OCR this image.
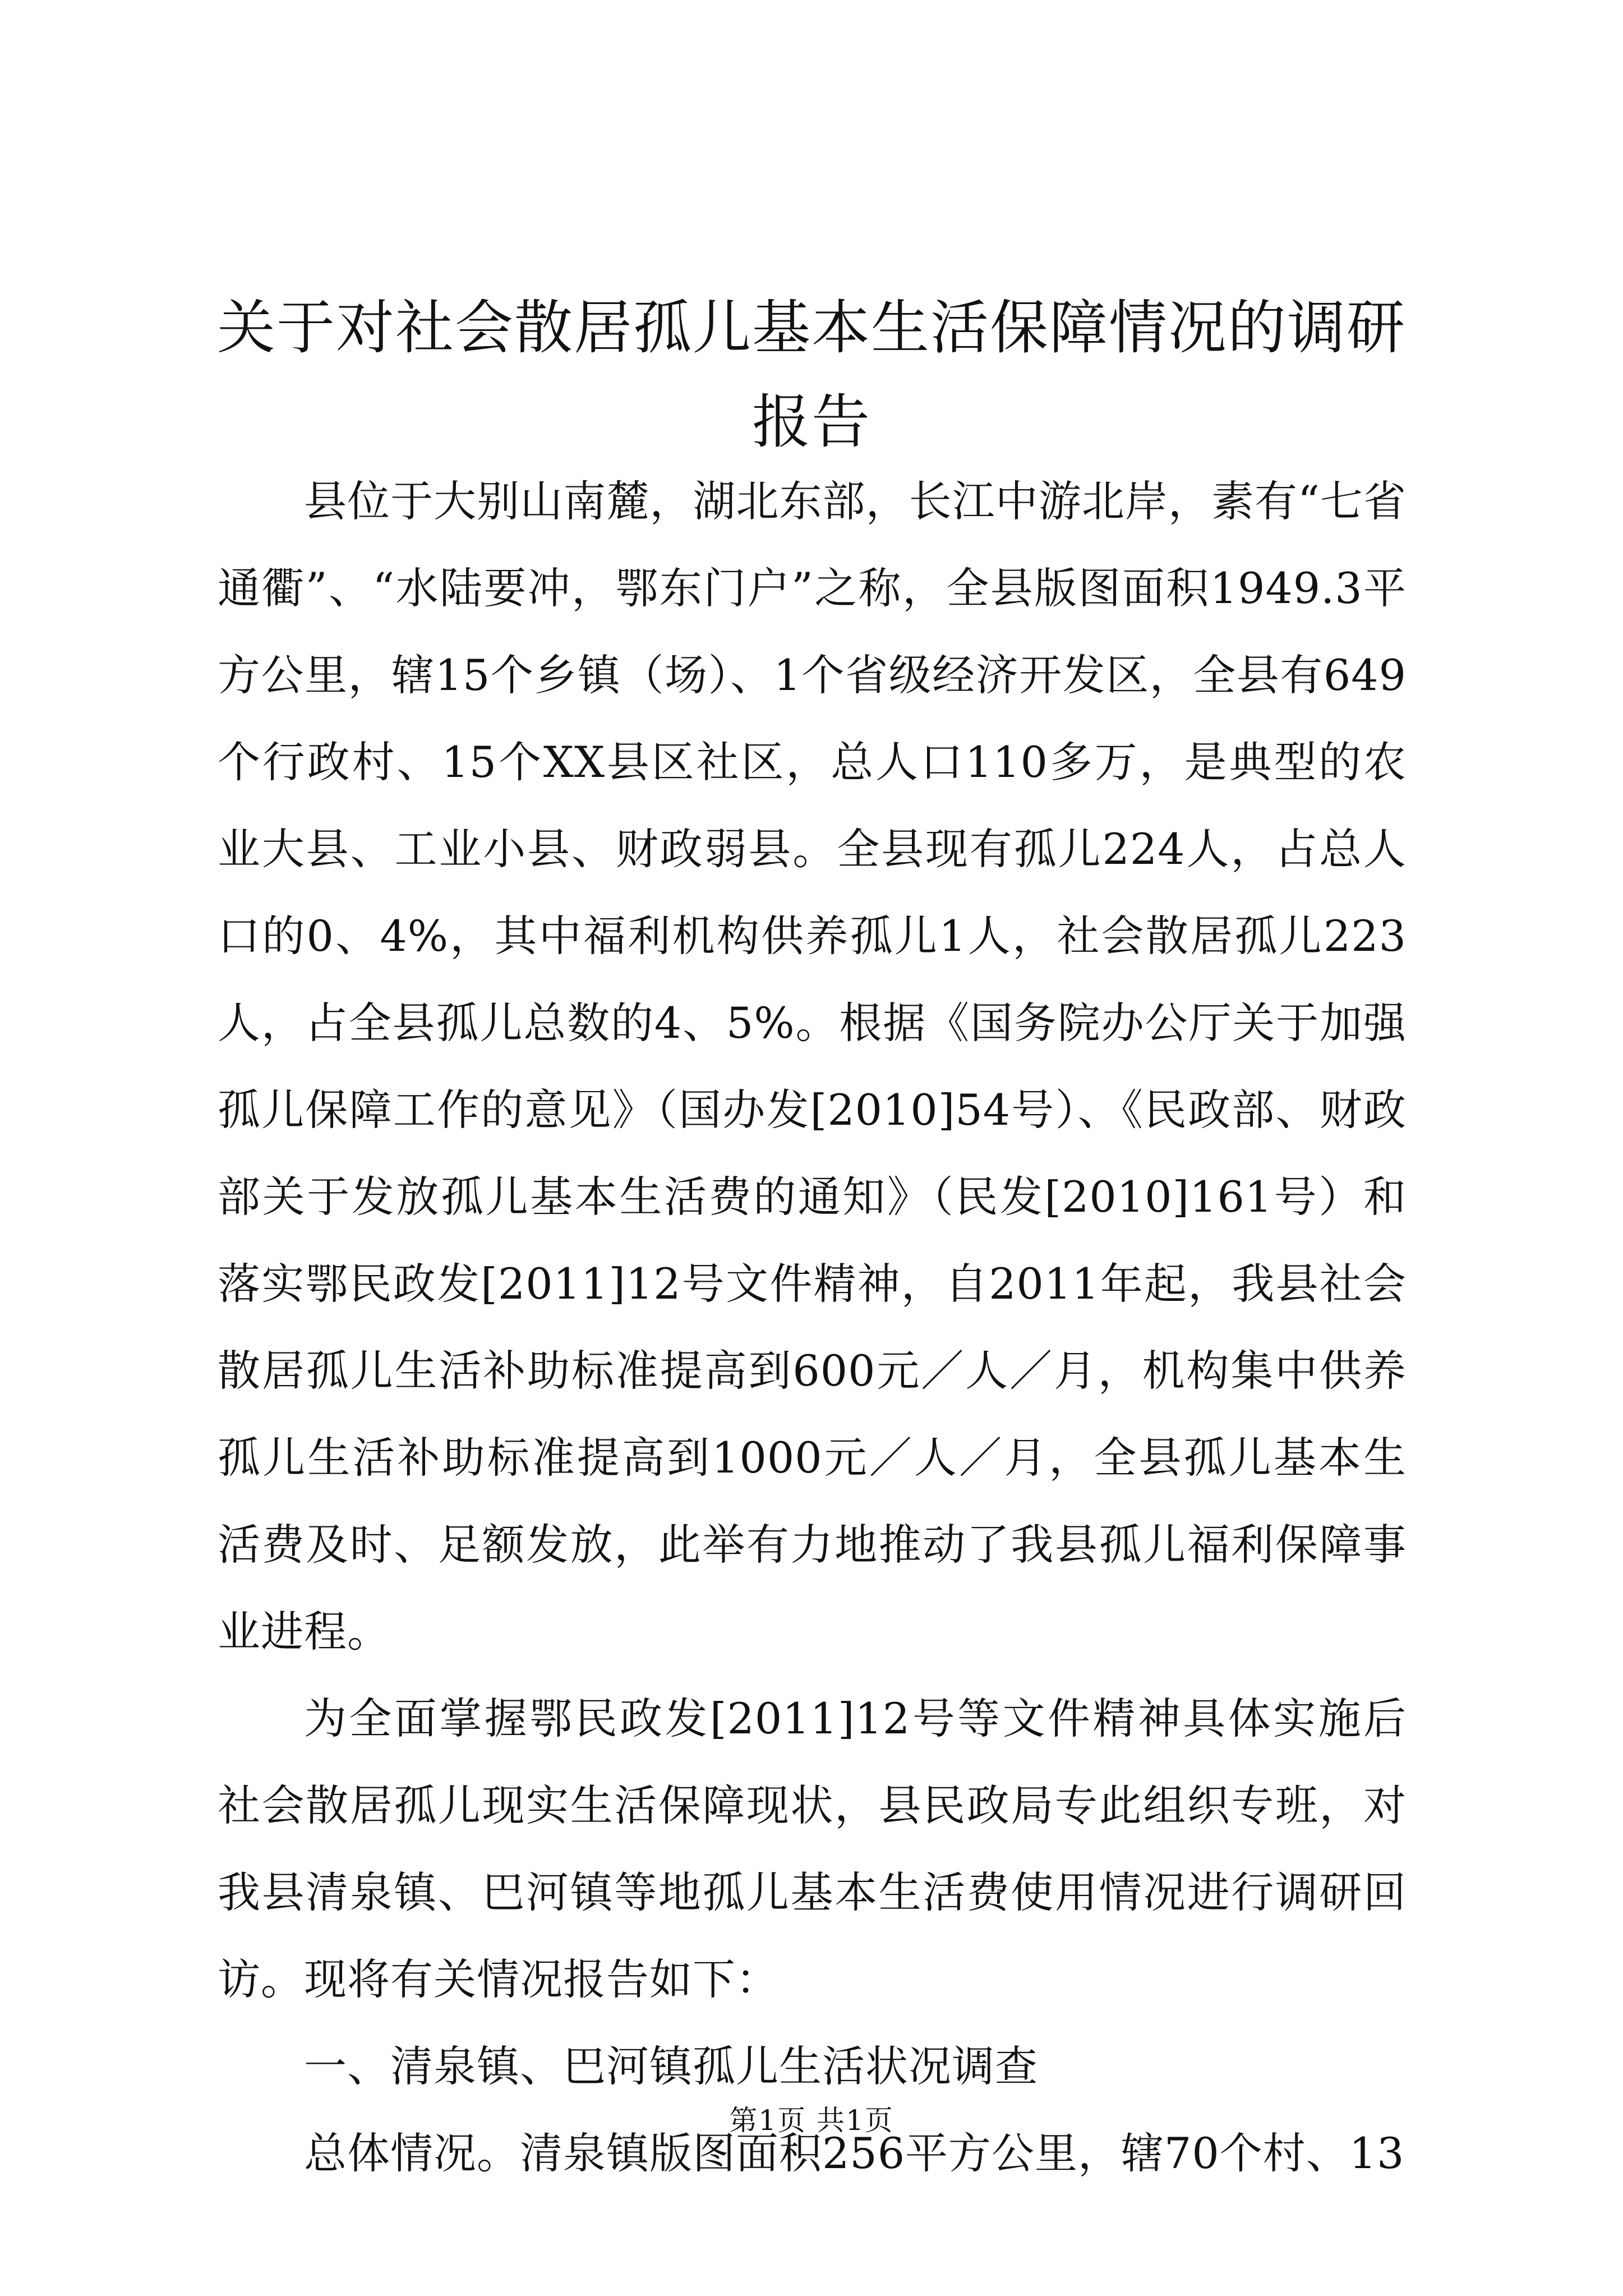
关于对社会散居孤儿基本生活保障情况的调研报告

县位于大别山南麓，湖北东部，长江中游北岸，素有“七省通衢”、“水陆要冲，鄂东门户”之称，全县版图面积1949.3平方公里，辖15个乡镇（场）、1个省级经济开发区，全县有649个行政村、15个XX县区社区，总人口110多万，是典型的农业大县、工业小县、财政弱县。全县现有孤儿224人，占总人口的0、4%，其中福利机构供养孤儿1人，社会散居孤儿223人，占全县孤儿总数的4、5%。根据《国务院办公厅关于加强孤儿保障工作的意见》（国办发[2010]54号）、《民政部、财政部关于发放孤儿基本生活费的通知》（民发[2010]161号）和落实鄂民政发[2011]12号文件精神，自2011年起，我县社会散居孤儿生活补助标准提高到600元／人／月，机构集中供养孤儿生活补助标准提高到1000元／人／月，全县孤儿基本生活费及时、足额发放，此举有力地推动了我县孤儿福利保障事业进程。

为全面掌握鄂民政发[2011]12号等文件精神具体实施后社会散居孤儿现实生活保障现状，县民政局专此组织专班，对我县清泉镇、巴河镇等地孤儿基本生活费使用情况进行调研回访。现将有关情况报告如下：

一、清泉镇、巴河镇孤儿生活状况调查

总体情况。清泉镇版图面积256平方公里，辖70个村、13

第1页 共1页
